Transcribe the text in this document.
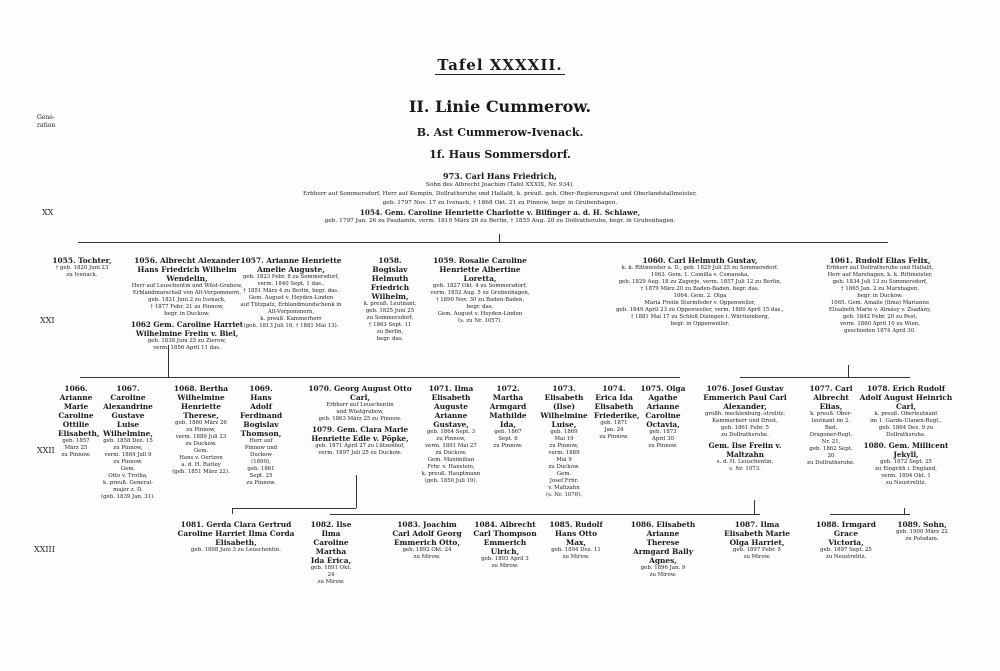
Tafel XXXXII.
II. Linie Cummerow.
B. Ast Cummerow-Ivenack.
1f. Haus Sommersdorf.
Gene-
ration
XX
XXI
XXII
XXIII
973. Carl Hans Friedrich,
Sohn des Albrecht Joachim (Tafel XXXIX, Nr. 934),
Erbherr auf Sommersdorf, Herr auf Kempin, Dollrathsruhe und Hallalit, k. preuß. geh. Ober-Regierungsrat und Oberlandstallmeister,
geb. 1797 Nov. 17 zu Ivenack, † 1868 Okt. 21 zu Pinnow, begr. in Grubenhagen.
1054. Gem. Caroline Henriette Charlotte v. Bilfinger a. d. H. Schlawe,
geb. 1797 Jan. 26 zu Pasdamin, verm. 1819 März 26 zu Berlin, † 1855 Aug. 20 zu Dollrathsruhe, begr. in Grubenhagen.
1055. Tochter,
† geb. 1820 Juni 23
zu Ivenack.
1056. Albrecht Alexander Hans Friedrich Wilhelm Wendelin,
Herr auf Leuschentin und Wüst-Grabow,
Erblandmarschall von Alt-Vorpommern,
geb. 1821 Juni 2 zu Ivenack,
† 1877 Febr. 21 zu Pinnow,
begr. in Duckow.
1062 Gem. Caroline Harriet Wilhelmine Freiin v. Biel,
geb. 1838 Juni 25 zu Zierow,
verm. 1856 April 11 das.
1057. Arianne Henriette Amelie Auguste,
geb. 1823 Febr. 8 zu Sommersdorf,
verm. 1840 Sept. 1 das.,
† 1851 März 4 zu Berlin, begr. das.
Gem. August v. Heyden-Linden
auf Tützpatz, Erblandmundschenk in
Alt-Vorpommern,
k. preuß. Kammerherr
(geb. 1813 Juli 16, † 1881 Mai 13).
1058. Bogislav Helmuth Friedrich Wilhelm,
k. preuß. Leutnant,
geb. 1825 Juni 25
zu Sommersdorf,
† 1863 Sept. 11
zu Berlin,
begr. das.
1059. Rosalie Caroline Henriette Albertine Loretta,
geb. 1827 Okt. 4 zu Sommersdorf,
verm. 1852 Aug. 5 zu Grubenhagen,
† 1890 Nov. 30 zu Baden-Baden,
begr. das.
Gem. August v. Heyden-Linden
(s. zu Nr. 1057).
1060. Carl Helmuth Gustav,
k. k. Rittmeister a. D., geb. 1829 Juli 25 zu Sommersdorf.
1063. Gem. 1. Camilla v. Csmanska,
geb. 1829 Aug. 18 zu Zagorje, verm. 1857 Juli 12 zu Berlin,
† 1879 März 20 zu Baden-Baden, begr. das.
1064. Gem. 2. Olga
Maria Freiin Sturmfeder v. Oppenweiler,
geb. 1849 April 23 zu Oppenweiler, verm. 1880 April 15 das.,
† 1881 Mai 17 zu Schloß Dizingen i. Württemberg,
begr. in Oppenweiler.
1061. Rudolf Elias Felix,
Erbherr auf Dollrathsruhe und Hallalit,
Herr auf Marxhagen, k. k. Rittmeister,
geb. 1834 Juli 13 zu Sommersdorf,
† 1865 Jan. 2 zu Marxhagen,
begr. in Duckow.
1065. Gem. Amalie (Ilma) Marianne Elisabeth Marie v. Almásy v. Zsadány,
geb. 1842 Febr. 20 zu Pest,
verm. 1860 April 10 zu Wien,
geschieden 1874 April 30.
1066. Arianne Marie Caroline Ottilie Elisabeth,
geb. 1857
März 25
zu Pinnow.
1067. Caroline Alexandrine Gustave Luise Wilhelmine,
geb. 1858 Dez. 15
zu Pinnow,
verm. 1884 Juli 9
zu Pinnow.
Gem.
Otto v. Trotha,
k. preuß. General-
major z. D.
(geb. 1839 Jan. 31).
1068. Bertha Wilhelmine Henriette Therese,
geb. 1860 März 26
zu Pinnow,
verm. 1889 Juli 23
zu Duckow.
Gem.
Hans v. Oertzen
a. d. H. Rattey
(geb. 1851 März 22).
1069. Hans Adolf Ferdinand Bogislav Thomson,
Herr auf
Pinnow und
Duckow (1899),
geb. 1861
Sept. 25
zu Pinnow.
1070. Georg August Otto Carl,
Erbherr auf Leuschentin
und Wüstgrabow,
geb. 1863 März 25 zu Pinnow.
1079. Gem. Clara Marie Henriette Edle v. Pöpke,
geb. 1871 April 27 zu Lützenhof,
verm. 1897 Juli 25 zu Duckow.
1071. Ilma Elisabeth Auguste Arianne Gustave,
geb. 1864 Sept. 3
zu Pinnow,
verm. 1891 Mai 27
zu Duckow.
Gem. Maximilian
Frhr. v. Hanstein,
k. preuß. Hauptmann
(geb. 1850 Juli 19).
1072. Martha Armgard Mathilde Ida,
geb. 1867
Sept. 6
zu Pinnow.
1073. Elisabeth (Ilse) Wilhelmine Luise,
geb. 1869
Mai 19
zu Pinnow,
verm. 1889
Mai 9
zu Duckow.
Gem.
Josef Frhr.
v. Maltzahn
(s. Nr. 1076).
1074. Erica Ida Elisabeth Friederike,
geb. 1871
Jan. 24
zu Pinnow.
1075. Olga Agathe Arianne Caroline Octavia,
geb. 1873
April 30
zu Pinnow.
1076. Josef Gustav Emmerich Paul Carl Alexander,
großh. mecklenburg.-strelitz.
Kammerherr und Drost,
geb. 1861 Febr. 5
zu Dollrathsruhe.
Gem. Ilse Freiin v. Maltzahn
s. d. H. Leuschentin,
s. Nr. 1073.
1077. Carl Albrecht Elias,
k. preuß. Ober-
leutnant im 2. Bad.
Dragoner-Regt.
Nr. 21,
geb. 1862 Sept. 20
zu Dollrathsruhe.
1078. Erich Rudolf Adolf August Heinrich Carl,
k. preuß. Oberleutnant
im 1. Garde-Ulanen-Regt.,
geb. 1864 Dez. 9 zu
Dollrathsruhe.
1080. Gem. Millicent Jekyll,
geb. 1872 Sept. 25
zu Eingrith i. England,
verm. 1894 Okt. 1
zu Neustrelitz.
1081. Gerda Clara Gertrud Caroline Harriet Ilma Corda Elisabeth,
geb. 1898 Juni 3 zu Leuschentin.
1082. Ilse Ilma Caroline Martha Ida Erica,
geb. 1891 Okt. 24
zu Mirow.
1083. Joachim Carl Adolf Georg Emmerich Otto,
geb. 1892 Okt. 24
zu Mirow.
1084. Albrecht Carl Thompson Emmerich Ulrich,
geb. 1893 April 3
zu Mirow.
1085. Rudolf Hans Otto Max,
geb. 1894 Dez. 11
zu Mirow.
1086. Elisabeth Arianne Therese Armgard Bally Agnes,
geb. 1896 Jan. 9
zu Mirow.
1087. Ilma Elisabeth Marie Olga Harriet,
geb. 1897 Febr. 5
zu Mirow.
1088. Irmgard Grace Victoria,
geb. 1897 Sept. 25
zu Neustrelitz.
1089. Sohn,
geb. 1900 März 22
zu Potsdam.
